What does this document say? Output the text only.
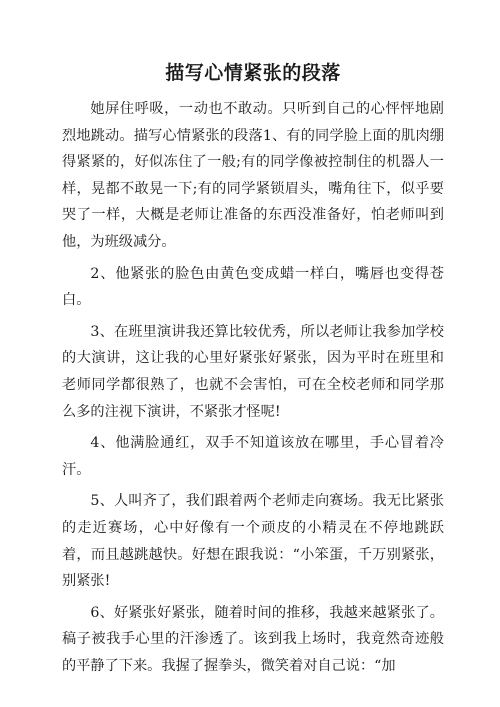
描写心情紧张的段落

她屏住呼吸，一动也不敢动。只听到自己的心怦怦地剧烈地跳动。描写心情紧张的段落1、有的同学脸上面的肌肉绷得紧紧的，好似冻住了一般;有的同学像被控制住的机器人一样，晃都不敢晃一下;有的同学紧锁眉头，嘴角往下，似乎要哭了一样，大概是老师让准备的东西没准备好，怕老师叫到他，为班级减分。

2、他紧张的脸色由黄色变成蜡一样白，嘴唇也变得苍白。

3、在班里演讲我还算比较优秀，所以老师让我参加学校的大演讲，这让我的心里好紧张好紧张，因为平时在班里和老师同学都很熟了，也就不会害怕，可在全校老师和同学那么多的注视下演讲，不紧张才怪呢!

4、他满脸通红，双手不知道该放在哪里，手心冒着冷汗。

5、人叫齐了，我们跟着两个老师走向赛场。我无比紧张的走近赛场，心中好像有一个顽皮的小精灵在不停地跳跃着，而且越跳越快。好想在跟我说：“小笨蛋，千万别紧张，别紧张!

6、好紧张好紧张，随着时间的推移，我越来越紧张了。稿子被我手心里的汗渗透了。该到我上场时，我竟然奇迹般的平静了下来。我握了握拳头，微笑着对自己说：“加
